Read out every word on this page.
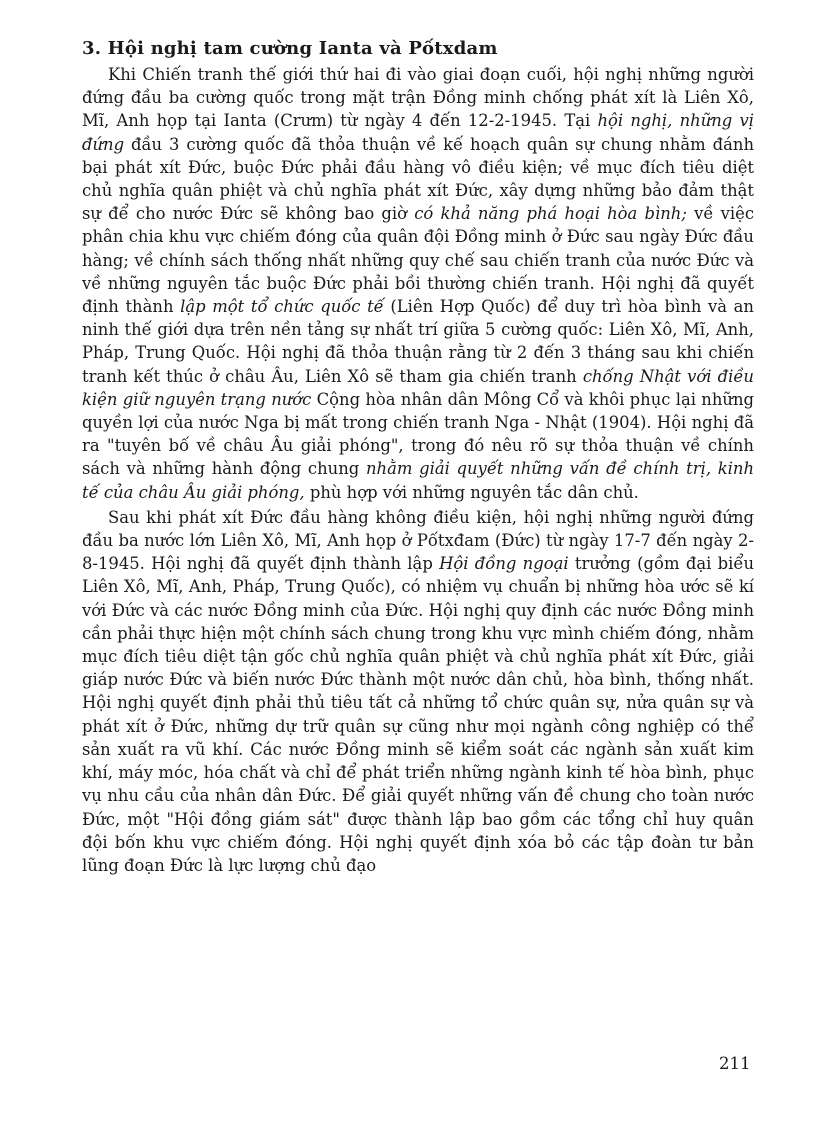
3. Hội nghị tam cường Ianta và Pốtxdam

Khi Chiến tranh thế giới thứ hai đi vào giai đoạn cuối, hội nghị những người đứng đầu ba cường quốc trong mặt trận Đồng minh chống phát xít là Liên Xô, Mĩ, Anh họp tại Ianta (Crưm) từ ngày 4 đến 12-2-1945. Tại hội nghị, những vị đứng đầu 3 cường quốc đã thỏa thuận về kế hoạch quân sự chung nhằm đánh bại phát xít Đức, buộc Đức phải đầu hàng vô điều kiện; về mục đích tiêu diệt chủ nghĩa quân phiệt và chủ nghĩa phát xít Đức, xây dựng những bảo đảm thật sự để cho nước Đức sẽ không bao giờ có khả năng phá hoại hòa bình; về việc phân chia khu vực chiếm đóng của quân đội Đồng minh ở Đức sau ngày Đức đầu hàng; về chính sách thống nhất những quy chế sau chiến tranh của nước Đức và về những nguyên tắc buộc Đức phải bồi thường chiến tranh. Hội nghị đã quyết định thành lập một tổ chức quốc tế (Liên Hợp Quốc) để duy trì hòa bình và an ninh thế giới dựa trên nền tảng sự nhất trí giữa 5 cường quốc: Liên Xô, Mĩ, Anh, Pháp, Trung Quốc. Hội nghị đã thỏa thuận rằng từ 2 đến 3 tháng sau khi chiến tranh kết thúc ở châu Âu, Liên Xô sẽ tham gia chiến tranh chống Nhật với điều kiện giữ nguyên trạng nước Cộng hòa nhân dân Mông Cổ và khôi phục lại những quyền lợi của nước Nga bị mất trong chiến tranh Nga - Nhật (1904). Hội nghị đã ra "tuyên bố về châu Âu giải phóng", trong đó nêu rõ sự thỏa thuận về chính sách và những hành động chung nhằm giải quyết những vấn đề chính trị, kinh tế của châu Âu giải phóng, phù hợp với những nguyên tắc dân chủ.

Sau khi phát xít Đức đầu hàng không điều kiện, hội nghị những người đứng đầu ba nước lớn Liên Xô, Mĩ, Anh họp ở Pốtxđam (Đức) từ ngày 17-7 đến ngày 2-8-1945. Hội nghị đã quyết định thành lập Hội đồng ngoại trưởng (gồm đại biểu Liên Xô, Mĩ, Anh, Pháp, Trung Quốc), có nhiệm vụ chuẩn bị những hòa ước sẽ kí với Đức và các nước Đồng minh của Đức. Hội nghị quy định các nước Đồng minh cần phải thực hiện một chính sách chung trong khu vực mình chiếm đóng, nhằm mục đích tiêu diệt tận gốc chủ nghĩa quân phiệt và chủ nghĩa phát xít Đức, giải giáp nước Đức và biến nước Đức thành một nước dân chủ, hòa bình, thống nhất. Hội nghị quyết định phải thủ tiêu tất cả những tổ chức quân sự, nửa quân sự và phát xít ở Đức, những dự trữ quân sự cũng như mọi ngành công nghiệp có thể sản xuất ra vũ khí. Các nước Đồng minh sẽ kiểm soát các ngành sản xuất kim khí, máy móc, hóa chất và chỉ để phát triển những ngành kinh tế hòa bình, phục vụ nhu cầu của nhân dân Đức. Để giải quyết những vấn đề chung cho toàn nước Đức, một "Hội đồng giám sát" được thành lập bao gồm các tổng chỉ huy quân đội bốn khu vực chiếm đóng. Hội nghị quyết định xóa bỏ các tập đoàn tư bản lũng đoạn Đức là lực lượng chủ đạo

211
